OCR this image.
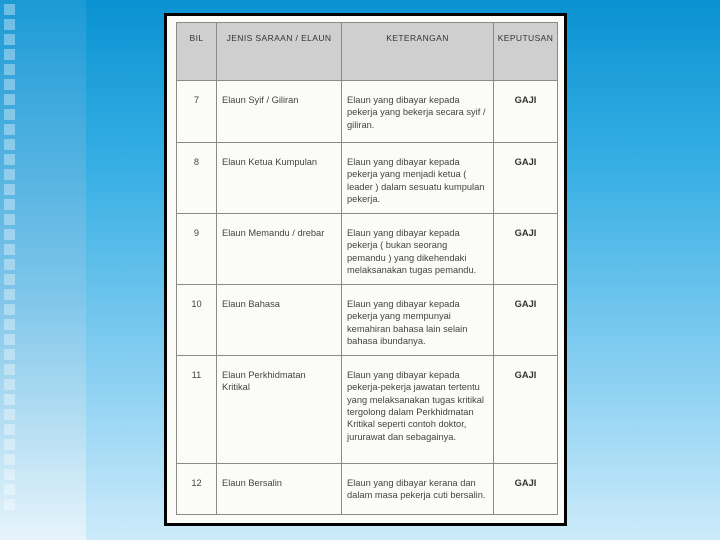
BIL	JENIS SARAAN / ELAUN	KETERANGAN	KEPUTUSAN
7	Elaun Syif / Giliran	Elaun yang dibayar kepada pekerja yang bekerja secara syif / giliran.	GAJI
8	Elaun Ketua Kumpulan	Elaun yang dibayar kepada pekerja yang menjadi ketua ( leader ) dalam sesuatu kumpulan pekerja.	GAJI
9	Elaun Memandu / drebar	Elaun yang dibayar kepada pekerja ( bukan seorang pemandu ) yang dikehendaki melaksanakan tugas pemandu.	GAJI
10	Elaun Bahasa	Elaun yang dibayar kepada pekerja yang mempunyai kemahiran bahasa lain selain bahasa ibundanya.	GAJI
11	Elaun Perkhidmatan Kritikal	Elaun yang dibayar kepada pekerja-pekerja jawatan tertentu yang melaksanakan tugas kritikal tergolong dalam Perkhidmatan Kritikal seperti contoh doktor, jururawat dan sebagainya.	GAJI
12	Elaun Bersalin	Elaun yang dibayar kerana dan dalam masa pekerja cuti bersalin.	GAJI
